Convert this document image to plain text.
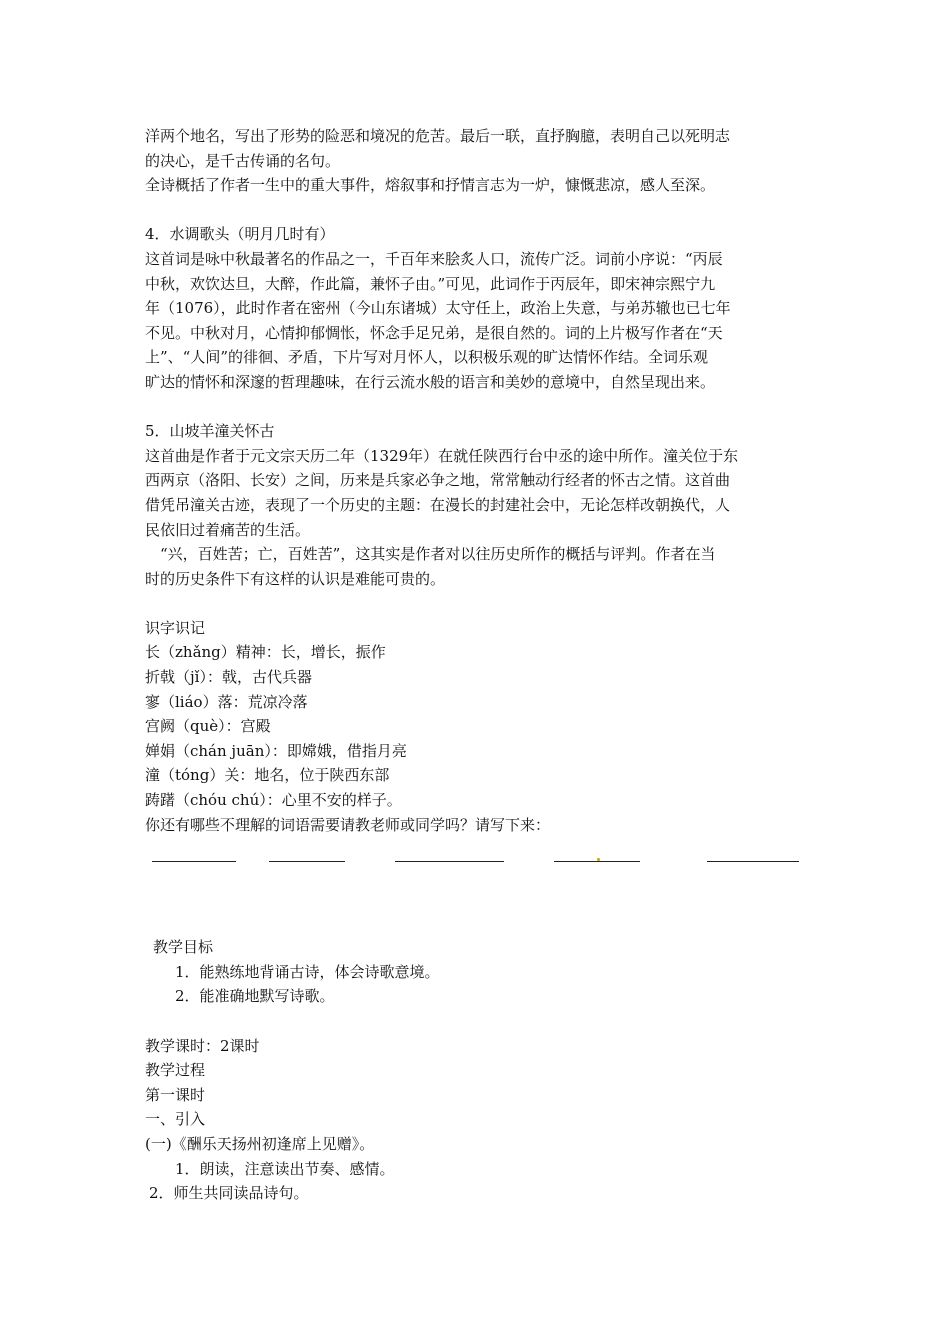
洋两个地名，写出了形势的险恶和境况的危苦。最后一联，直抒胸臆，表明自己以死明志

的决心，是千古传诵的名句。

全诗概括了作者一生中的重大事件，熔叙事和抒情言志为一炉，慷慨悲凉，感人至深。

4．水调歌头（明月几时有）

这首词是咏中秋最著名的作品之一，千百年来脍炙人口，流传广泛。词前小序说：“丙辰

中秋，欢饮达旦，大醉，作此篇，兼怀子由。”可见，此词作于丙辰年，即宋神宗熙宁九

年（1076），此时作者在密州（今山东诸城）太守任上，政治上失意，与弟苏辙也已七年

不见。中秋对月，心情抑郁惆怅，怀念手足兄弟，是很自然的。词的上片极写作者在“天

上”、“人间”的徘徊、矛盾，下片写对月怀人，以积极乐观的旷达情怀作结。全词乐观

旷达的情怀和深邃的哲理趣味，在行云流水般的语言和美妙的意境中，自然呈现出来。

5．山坡羊潼关怀古

这首曲是作者于元文宗天历二年（1329年）在就任陕西行台中丞的途中所作。潼关位于东

西两京（洛阳、长安）之间，历来是兵家必争之地，常常触动行经者的怀古之情。这首曲

借凭吊潼关古迹，表现了一个历史的主题：在漫长的封建社会中，无论怎样改朝换代，人

民依旧过着痛苦的生活。

“兴，百姓苦；亡，百姓苦”，这其实是作者对以往历史所作的概括与评判。作者在当

时的历史条件下有这样的认识是难能可贵的。

识字识记

长（zhǎng）精神：长，增长，振作

折戟（jǐ）：戟，古代兵器

寥（liáo）落：荒凉冷落

宫阙（què）：宫殿

婵娟（chán juān）：即嫦娥，借指月亮

潼（tóng）关：地名，位于陕西东部

踌躇（chóu chú）：心里不安的样子。

你还有哪些不理解的词语需要请教老师或同学吗？请写下来：

教学目标

1．能熟练地背诵古诗，体会诗歌意境。

2．能准确地默写诗歌。

教学课时：2课时

教学过程

第一课时

一、引入

(一)《酬乐天扬州初逢席上见赠》。

1．朗读，注意读出节奏、感情。

2．师生共同读品诗句。
